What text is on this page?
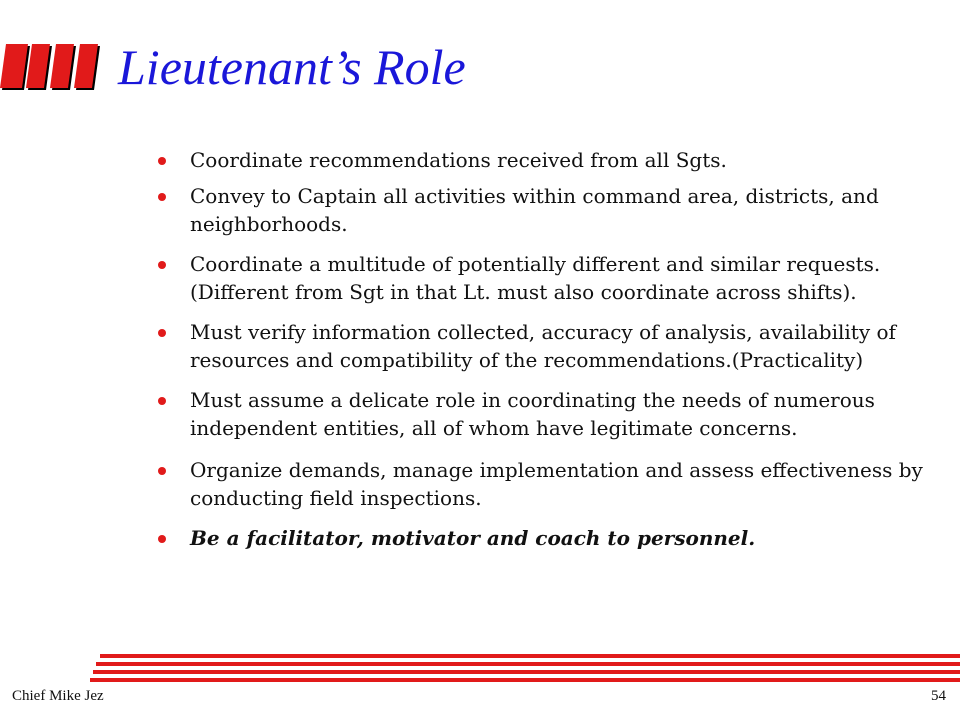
Lieutenant’s Role
Coordinate recommendations received from all Sgts.
Convey to Captain all activities within command area, districts, and neighborhoods.
Coordinate a multitude of potentially different and similar requests.(Different from Sgt in that Lt. must also coordinate across shifts).
Must verify information collected, accuracy of analysis, availability of resources and compatibility of the recommendations.(Practicality)
Must assume a delicate role in coordinating the needs of numerous independent entities, all of whom have legitimate concerns.
Organize demands, manage implementation and assess effectiveness by conducting field inspections.
Be a facilitator, motivator and coach to personnel.
Chief Mike Jez	54
